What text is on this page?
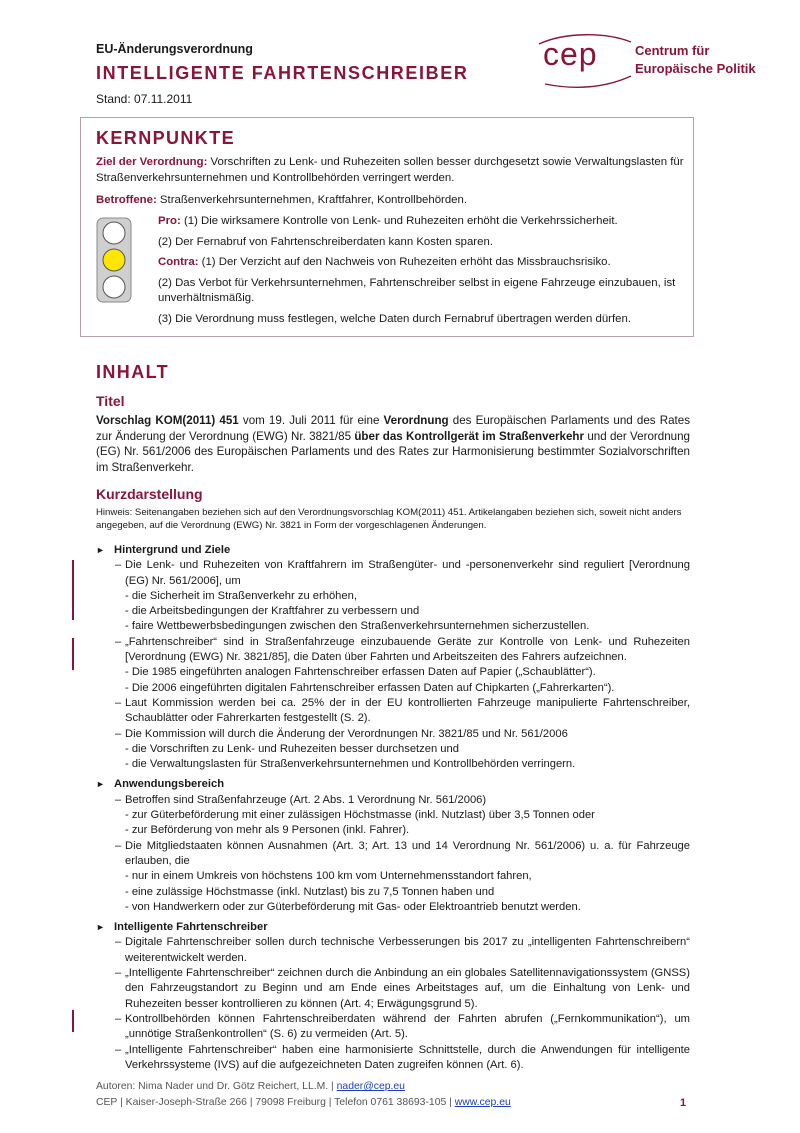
EU-Änderungsverordnung
INTELLIGENTE FAHRTENSCHREIBER
Stand: 07.11.2011
cep	Centrum für
Europäische Politik
KERNPUNKTE
Ziel der Verordnung: Vorschriften zu Lenk- und Ruhezeiten sollen besser durchgesetzt sowie Verwaltungslasten für Straßenverkehrsunternehmen und Kontrollbehörden verringert werden.
Betroffene: Straßenverkehrsunternehmen, Kraftfahrer, Kontrollbehörden.

Pro: (1) Die wirksamere Kontrolle von Lenk- und Ruhezeiten erhöht die Verkehrssicherheit.

(2) Der Fernabruf von Fahrtenschreiberdaten kann Kosten sparen.

Contra: (1) Der Verzicht auf den Nachweis von Ruhezeiten erhöht das Missbrauchsrisiko.

(2) Das Verbot für Verkehrsunternehmen, Fahrtenschreiber selbst in eigene Fahrzeuge einzubauen, ist unverhältnismäßig.

(3) Die Verordnung muss festlegen, welche Daten durch Fernabruf übertragen werden dürfen.

INHALT
Titel
Vorschlag KOM(2011) 451 vom 19. Juli 2011 für eine Verordnung des Europäischen Parlaments und des Rates zur Änderung der Verordnung (EWG) Nr. 3821/85 über das Kontrollgerät im Straßenverkehr und der Verordnung (EG) Nr. 561/2006 des Europäischen Parlaments und des Rates zur Harmonisierung bestimmter Sozialvorschriften im Straßenverkehr.
Kurzdarstellung
Hinweis: Seitenangaben beziehen sich auf den Verordnungsvorschlag KOM(2011) 451. Artikelangaben beziehen sich, soweit nicht anders angegeben, auf die Verordnung (EWG) Nr. 3821 in Form der vorgeschlagenen Änderungen.
► Hintergrund und Ziele
– Die Lenk- und Ruhezeiten von Kraftfahrern im Straßengüter- und -personenverkehr sind reguliert [Verordnung (EG) Nr. 561/2006], um
- die Sicherheit im Straßenverkehr zu erhöhen,
- die Arbeitsbedingungen der Kraftfahrer zu verbessern und
- faire Wettbewerbsbedingungen zwischen den Straßenverkehrsunternehmen sicherzustellen.
– „Fahrtenschreiber“ sind in Straßenfahrzeuge einzubauende Geräte zur Kontrolle von Lenk- und Ruhezeiten [Verordnung (EWG) Nr. 3821/85], die Daten über Fahrten und Arbeitszeiten des Fahrers aufzeichnen.
- Die 1985 eingeführten analogen Fahrtenschreiber erfassen Daten auf Papier („Schaublätter“).
- Die 2006 eingeführten digitalen Fahrtenschreiber erfassen Daten auf Chipkarten („Fahrerkarten“).
– Laut Kommission werden bei ca. 25% der in der EU kontrollierten Fahrzeuge manipulierte Fahrtenschreiber, Schaublätter oder Fahrerkarten festgestellt (S. 2).
– Die Kommission will durch die Änderung der Verordnungen Nr. 3821/85 und Nr. 561/2006
- die Vorschriften zu Lenk- und Ruhezeiten besser durchsetzen und
- die Verwaltungslasten für Straßenverkehrsunternehmen und Kontrollbehörden verringern.
► Anwendungsbereich
– Betroffen sind Straßenfahrzeuge (Art. 2 Abs. 1 Verordnung Nr. 561/2006)
- zur Güterbeförderung mit einer zulässigen Höchstmasse (inkl. Nutzlast) über 3,5 Tonnen oder
- zur Beförderung von mehr als 9 Personen (inkl. Fahrer).
– Die Mitgliedstaaten können Ausnahmen (Art. 3; Art. 13 und 14 Verordnung Nr. 561/2006) u. a. für Fahrzeuge erlauben, die
- nur in einem Umkreis von höchstens 100 km vom Unternehmensstandort fahren,
- eine zulässige Höchstmasse (inkl. Nutzlast) bis zu 7,5 Tonnen haben und
- von Handwerkern oder zur Güterbeförderung mit Gas- oder Elektroantrieb benutzt werden.
► Intelligente Fahrtenschreiber
– Digitale Fahrtenschreiber sollen durch technische Verbesserungen bis 2017 zu „intelligenten Fahrtenschreibern“ weiterentwickelt werden.
– „Intelligente Fahrtenschreiber“ zeichnen durch die Anbindung an ein globales Satellitennavigationssystem (GNSS) den Fahrzeugstandort zu Beginn und am Ende eines Arbeitstages auf, um die Einhaltung von Lenk- und Ruhezeiten besser kontrollieren zu können (Art. 4; Erwägungsgrund 5).
– Kontrollbehörden können Fahrtenschreiberdaten während der Fahrten abrufen („Fernkommunikation“), um „unnötige Straßenkontrollen“ (S. 6) zu vermeiden (Art. 5).
– „Intelligente Fahrtenschreiber“ haben eine harmonisierte Schnittstelle, durch die Anwendungen für intelligente Verkehrssysteme (IVS) auf die aufgezeichneten Daten zugreifen können (Art. 6).
Autoren: Nima Nader und Dr. Götz Reichert, LL.M. | nader@cep.eu
CEP | Kaiser-Joseph-Straße 266 | 79098 Freiburg | Telefon 0761 38693-105 | www.cep.eu	1
